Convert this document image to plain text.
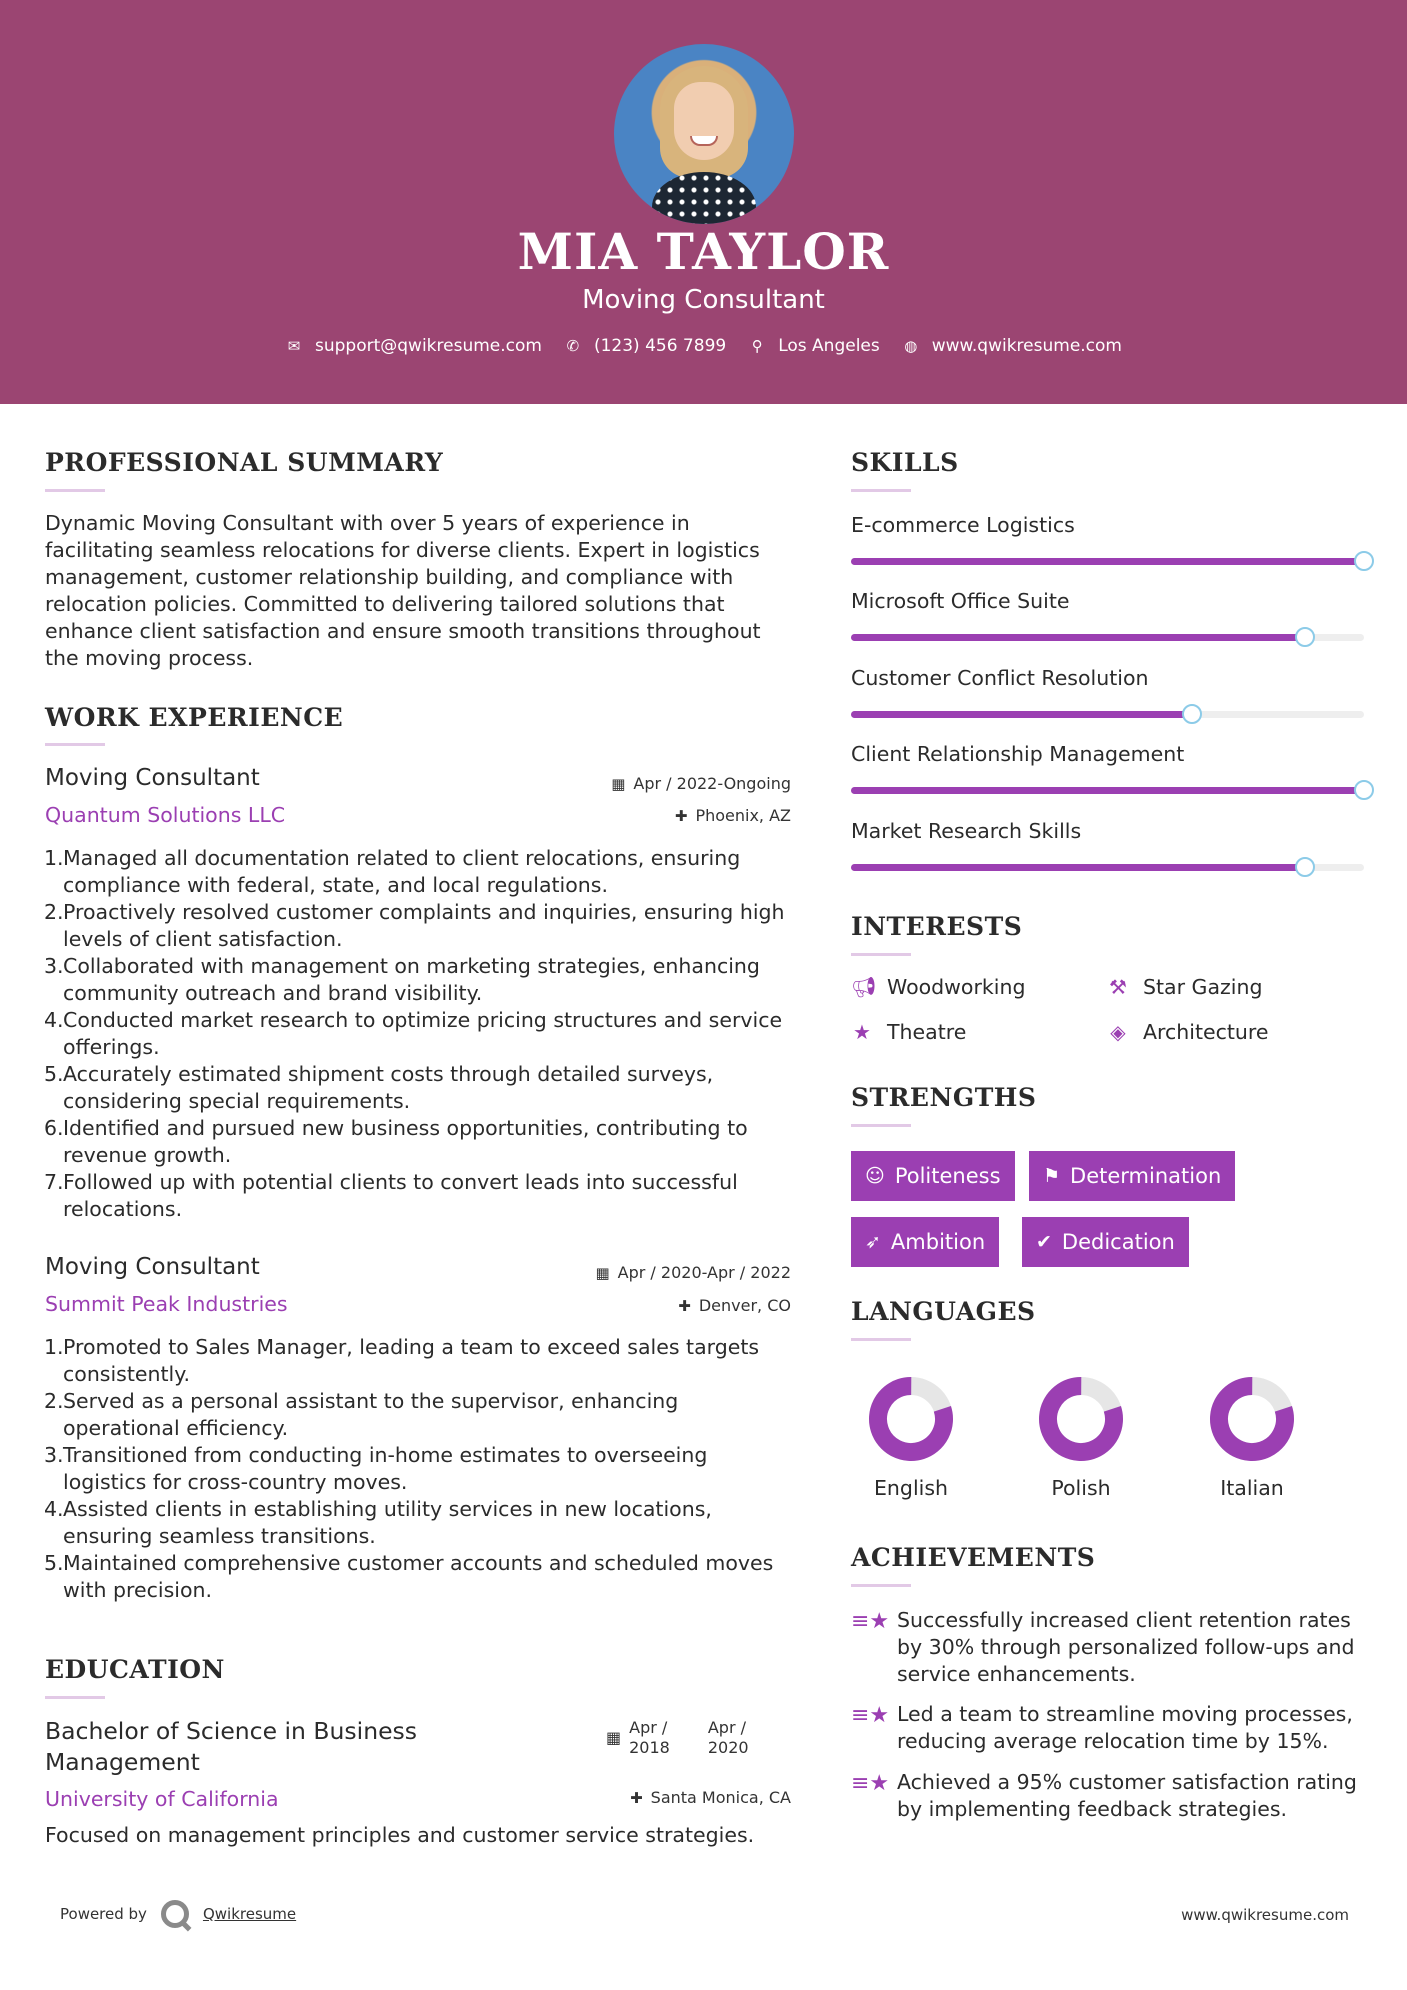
MIA TAYLOR
Moving Consultant
✉ support@qwikresume.com ✆ (123) 456 7899 ⚲ Los Angeles ◍ www.qwikresume.com
PROFESSIONAL SUMMARY
Dynamic Moving Consultant with over 5 years of experience in facilitating seamless relocations for diverse clients. Expert in logistics management, customer relationship building, and compliance with relocation policies. Committed to delivering tailored solutions that enhance client satisfaction and ensure smooth transitions throughout the moving process.
WORK EXPERIENCE
Moving Consultant
Quantum Solutions LLC
▦ Apr / 2022-Ongoing
✚ Phoenix, AZ
1. Managed all documentation related to client relocations, ensuring compliance with federal, state, and local regulations.
2. Proactively resolved customer complaints and inquiries, ensuring high levels of client satisfaction.
3. Collaborated with management on marketing strategies, enhancing community outreach and brand visibility.
4. Conducted market research to optimize pricing structures and service offerings.
5. Accurately estimated shipment costs through detailed surveys, considering special requirements.
6. Identified and pursued new business opportunities, contributing to revenue growth.
7. Followed up with potential clients to convert leads into successful relocations.
Moving Consultant
Summit Peak Industries
▦ Apr / 2020-Apr / 2022
✚ Denver, CO
1. Promoted to Sales Manager, leading a team to exceed sales targets consistently.
2. Served as a personal assistant to the supervisor, enhancing operational efficiency.
3. Transitioned from conducting in-home estimates to overseeing logistics for cross-country moves.
4. Assisted clients in establishing utility services in new locations, ensuring seamless transitions.
5. Maintained comprehensive customer accounts and scheduled moves with precision.
EDUCATION
Bachelor of Science in Business Management
▦
Apr /
2018
Apr /
2020
University of California	✚ Santa Monica, CA
Focused on management principles and customer service strategies.
SKILLS
E-commerce Logistics
Microsoft Office Suite
Customer Conflict Resolution
Client Relationship Management
Market Research Skills
INTERESTS
📢︎ Woodworking	⚒ Star Gazing
★ Theatre	◈ Architecture
STRENGTHS
☺ Politeness ⚑ Determination
➶ Ambition	✔ Dedication
LANGUAGES
English	Polish	Italian
ACHIEVEMENTS
≡★ Successfully increased client retention rates by 30% through personalized follow-ups and service enhancements.
≡★ Led a team to streamline moving processes, reducing average relocation time by 15%.
≡★ Achieved a 95% customer satisfaction rating by implementing feedback strategies.
Powered by	Qwikresume	www.qwikresume.com
